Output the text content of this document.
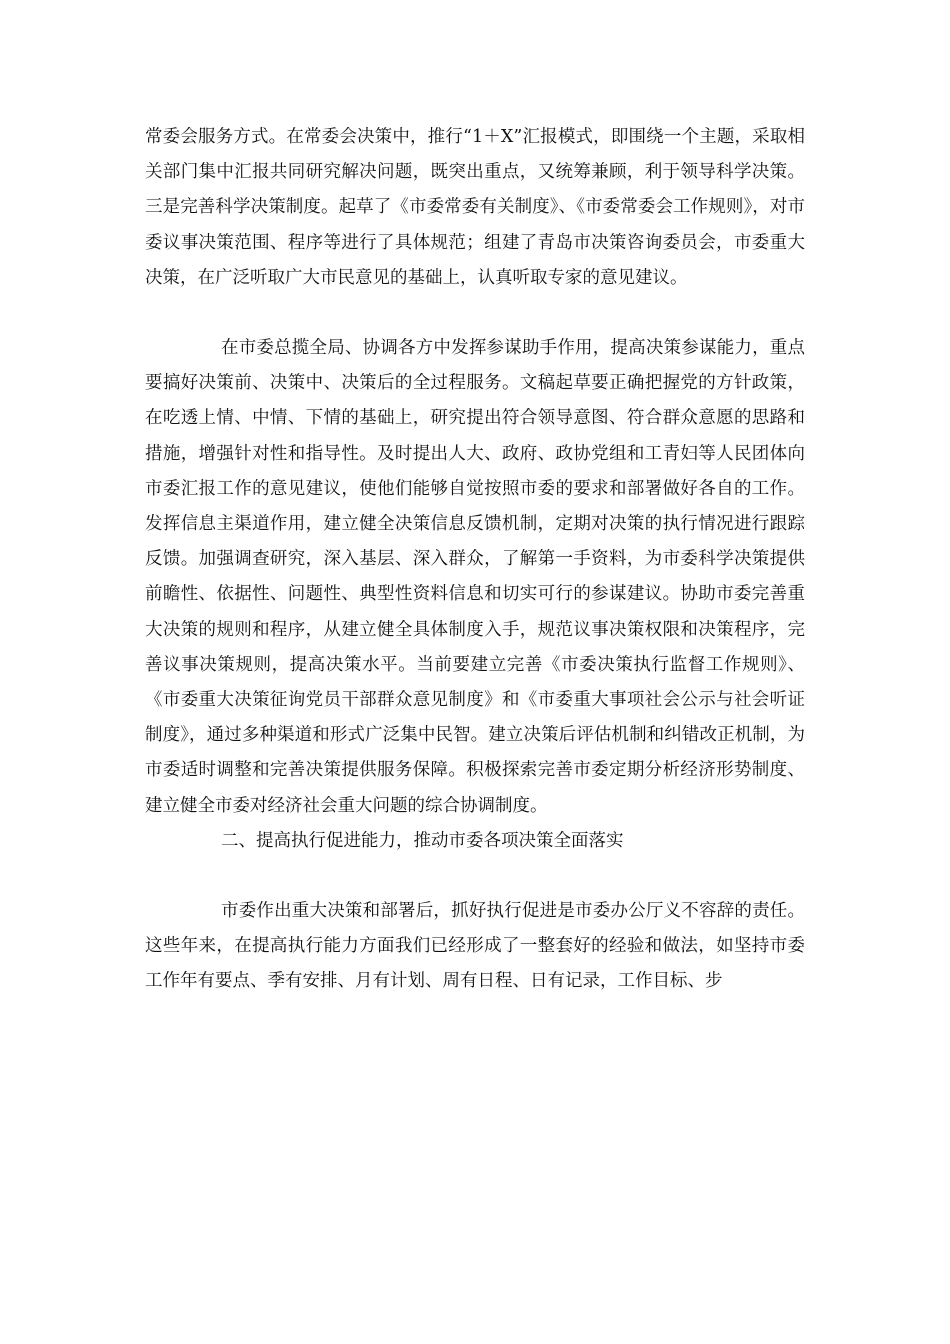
常委会服务方式。在常委会决策中，推行“1＋X”汇报模式，即围绕一个主题，采取相关部门集中汇报共同研究解决问题，既突出重点，又统筹兼顾，利于领导科学决策。三是完善科学决策制度。起草了《市委常委有关制度》、《市委常委会工作规则》，对市委议事决策范围、程序等进行了具体规范；组建了青岛市决策咨询委员会，市委重大决策，在广泛听取广大市民意见的基础上，认真听取专家的意见建议。

在市委总揽全局、协调各方中发挥参谋助手作用，提高决策参谋能力，重点要搞好决策前、决策中、决策后的全过程服务。文稿起草要正确把握党的方针政策，在吃透上情、中情、下情的基础上，研究提出符合领导意图、符合群众意愿的思路和措施，增强针对性和指导性。及时提出人大、政府、政协党组和工青妇等人民团体向市委汇报工作的意见建议，使他们能够自觉按照市委的要求和部署做好各自的工作。发挥信息主渠道作用，建立健全决策信息反馈机制，定期对决策的执行情况进行跟踪反馈。加强调查研究，深入基层、深入群众，了解第一手资料，为市委科学决策提供前瞻性、依据性、问题性、典型性资料信息和切实可行的参谋建议。协助市委完善重大决策的规则和程序，从建立健全具体制度入手，规范议事决策权限和决策程序，完善议事决策规则，提高决策水平。当前要建立完善《市委决策执行监督工作规则》、《市委重大决策征询党员干部群众意见制度》和《市委重大事项社会公示与社会听证制度》，通过多种渠道和形式广泛集中民智。建立决策后评估机制和纠错改正机制，为市委适时调整和完善决策提供服务保障。积极探索完善市委定期分析经济形势制度、建立健全市委对经济社会重大问题的综合协调制度。

二、提高执行促进能力，推动市委各项决策全面落实

市委作出重大决策和部署后，抓好执行促进是市委办公厅义不容辞的责任。这些年来，在提高执行能力方面我们已经形成了一整套好的经验和做法，如坚持市委工作年有要点、季有安排、月有计划、周有日程、日有记录，工作目标、步
